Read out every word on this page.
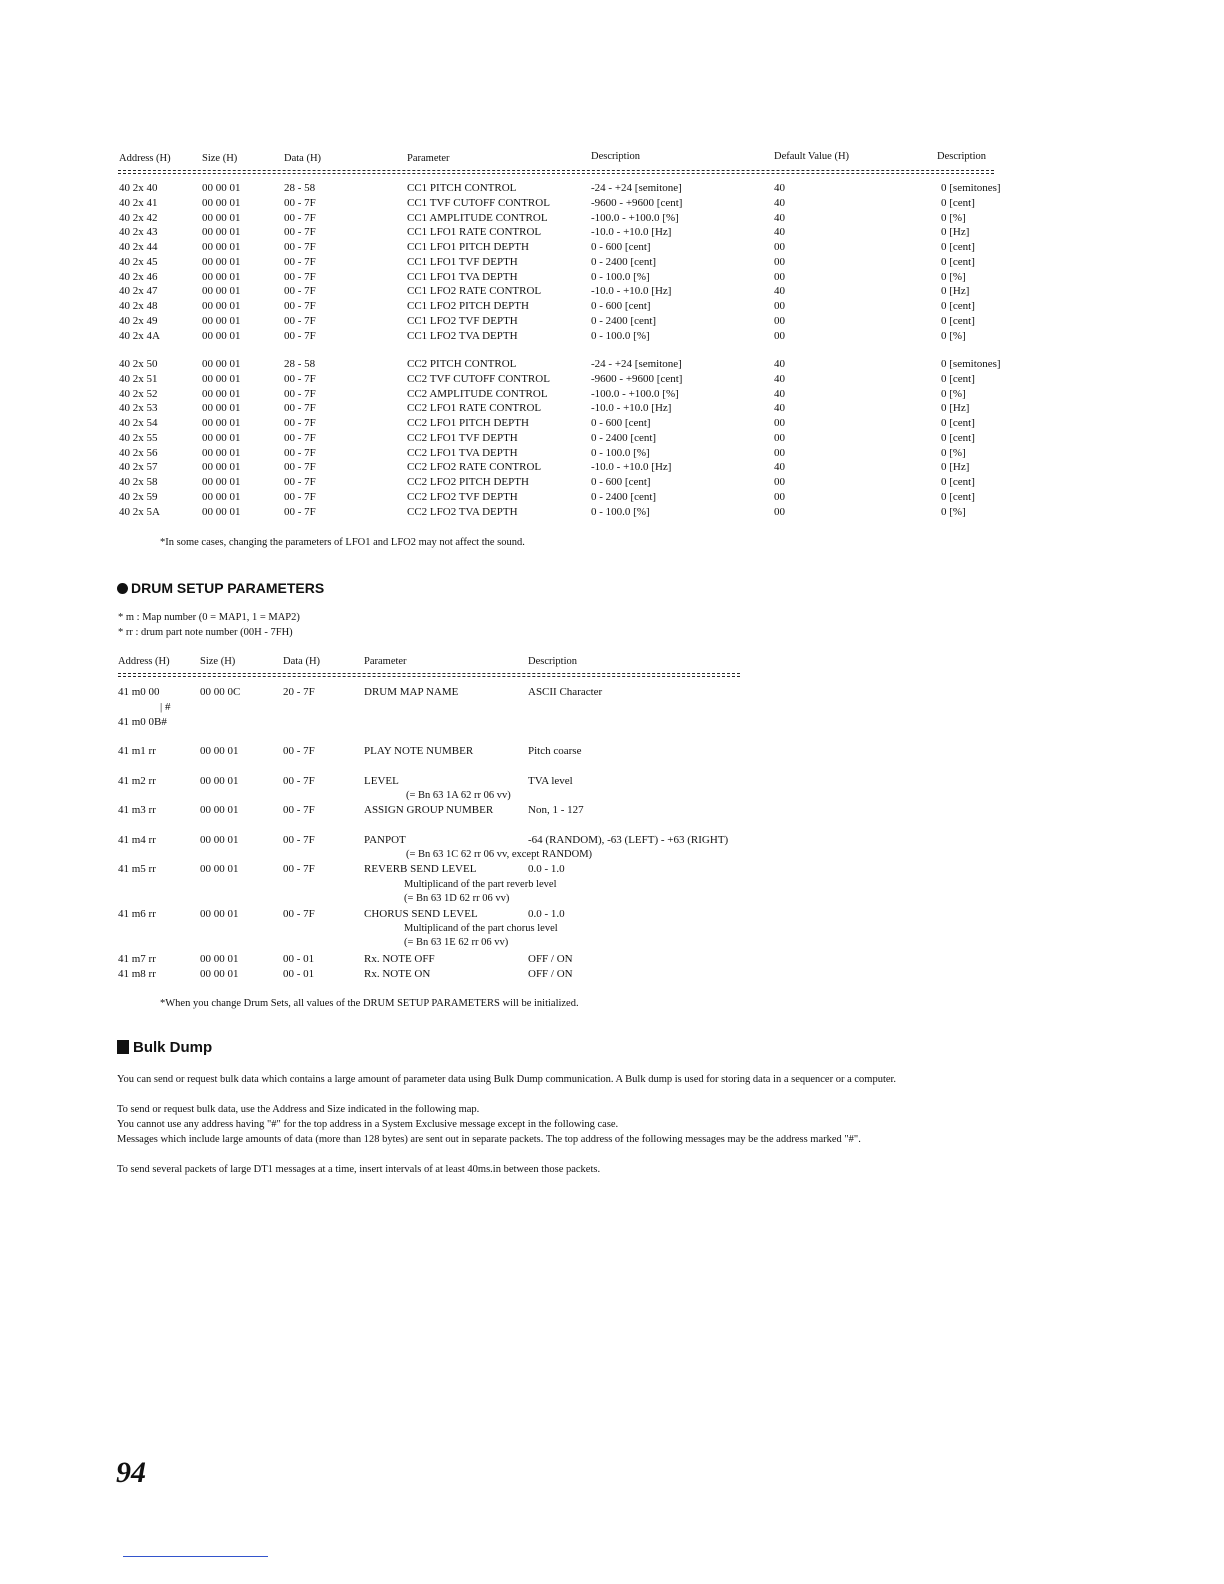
Address (H)	Size (H)	Data (H)	Parameter	Description	Default Value (H)	Description
40 2x 40	00 00 01	28 - 58	CC1 PITCH CONTROL	-24 - +24 [semitone]	40	0 [semitones]
40 2x 41	00 00 01	00 - 7F	CC1 TVF CUTOFF CONTROL	-9600 - +9600 [cent]	40	0 [cent]
40 2x 42	00 00 01	00 - 7F	CC1 AMPLITUDE CONTROL	-100.0 - +100.0 [%]	40	0 [%]
40 2x 43	00 00 01	00 - 7F	CC1 LFO1 RATE CONTROL	-10.0 - +10.0 [Hz]	40	0 [Hz]
40 2x 44	00 00 01	00 - 7F	CC1 LFO1 PITCH DEPTH	0 - 600 [cent]	00	0 [cent]
40 2x 45	00 00 01	00 - 7F	CC1 LFO1 TVF DEPTH	0 - 2400 [cent]	00	0 [cent]
40 2x 46	00 00 01	00 - 7F	CC1 LFO1 TVA DEPTH	0 - 100.0 [%]	00	0 [%]
40 2x 47	00 00 01	00 - 7F	CC1 LFO2 RATE CONTROL	-10.0 - +10.0 [Hz]	40	0 [Hz]
40 2x 48	00 00 01	00 - 7F	CC1 LFO2 PITCH DEPTH	0 - 600 [cent]	00	0 [cent]
40 2x 49	00 00 01	00 - 7F	CC1 LFO2 TVF DEPTH	0 - 2400 [cent]	00	0 [cent]
40 2x 4A	00 00 01	00 - 7F	CC1 LFO2 TVA DEPTH	0 - 100.0 [%]	00	0 [%]
40 2x 50	00 00 01	28 - 58	CC2 PITCH CONTROL	-24 - +24 [semitone]	40	0 [semitones]
40 2x 51	00 00 01	00 - 7F	CC2 TVF CUTOFF CONTROL	-9600 - +9600 [cent]	40	0 [cent]
40 2x 52	00 00 01	00 - 7F	CC2 AMPLITUDE CONTROL	-100.0 - +100.0 [%]	40	0 [%]
40 2x 53	00 00 01	00 - 7F	CC2 LFO1 RATE CONTROL	-10.0 - +10.0 [Hz]	40	0 [Hz]
40 2x 54	00 00 01	00 - 7F	CC2 LFO1 PITCH DEPTH	0 - 600 [cent]	00	0 [cent]
40 2x 55	00 00 01	00 - 7F	CC2 LFO1 TVF DEPTH	0 - 2400 [cent]	00	0 [cent]
40 2x 56	00 00 01	00 - 7F	CC2 LFO1 TVA DEPTH	0 - 100.0 [%]	00	0 [%]
40 2x 57	00 00 01	00 - 7F	CC2 LFO2 RATE CONTROL	-10.0 - +10.0 [Hz]	40	0 [Hz]
40 2x 58	00 00 01	00 - 7F	CC2 LFO2 PITCH DEPTH	0 - 600 [cent]	00	0 [cent]
40 2x 59	00 00 01	00 - 7F	CC2 LFO2 TVF DEPTH	0 - 2400 [cent]	00	0 [cent]
40 2x 5A	00 00 01	00 - 7F	CC2 LFO2 TVA DEPTH	0 - 100.0 [%]	00	0 [%]
*In some cases, changing the parameters of LFO1 and LFO2 may not affect the sound.
DRUM SETUP PARAMETERS
* m : Map number (0 = MAP1, 1 = MAP2)
* rr : drum part note number (00H - 7FH)
Address (H)	Size (H)	Data (H)	Parameter	Description
41 m0 00	00 00 0C	20 - 7F	DRUM MAP NAME	ASCII Character
| #
41 m0 0B#
41 m1 rr	00 00 01	00 - 7F	PLAY NOTE NUMBER	Pitch coarse
41 m2 rr	00 00 01	00 - 7F	LEVEL	TVA level
41 m3 rr	00 00 01	00 - 7F	ASSIGN GROUP NUMBER	Non, 1 - 127
41 m4 rr	00 00 01	00 - 7F	PANPOT	-64 (RANDOM), -63 (LEFT) - +63 (RIGHT)
41 m5 rr	00 00 01	00 - 7F	REVERB SEND LEVEL	0.0 - 1.0
41 m6 rr	00 00 01	00 - 7F	CHORUS SEND LEVEL	0.0 - 1.0
41 m7 rr	00 00 01	00 - 01	Rx. NOTE OFF	OFF / ON
41 m8 rr	00 00 01	00 - 01	Rx. NOTE ON	OFF / ON
(= Bn 63 1A 62 rr 06 vv)
(= Bn 63 1C 62 rr 06 vv, except RANDOM)
Multiplicand of the part reverb level
(= Bn 63 1D 62 rr 06 vv)
Multiplicand of the part chorus level
(= Bn 63 1E 62 rr 06 vv)
*When you change Drum Sets, all values of the DRUM SETUP PARAMETERS will be initialized.
Bulk Dump
You can send or request bulk data which contains a large amount of parameter data using Bulk Dump communication. A Bulk dump is used for storing data in a sequencer or a computer.
To send or request bulk data, use the Address and Size indicated in the following map.
You cannot use any address having "#" for the top address in a System Exclusive message except in the following case.
Messages which include large amounts of data (more than 128 bytes) are sent out in separate packets. The top address of the following messages may be the address marked "#".
To send several packets of large DT1 messages at a time, insert intervals of at least 40ms.in between those packets.
94
